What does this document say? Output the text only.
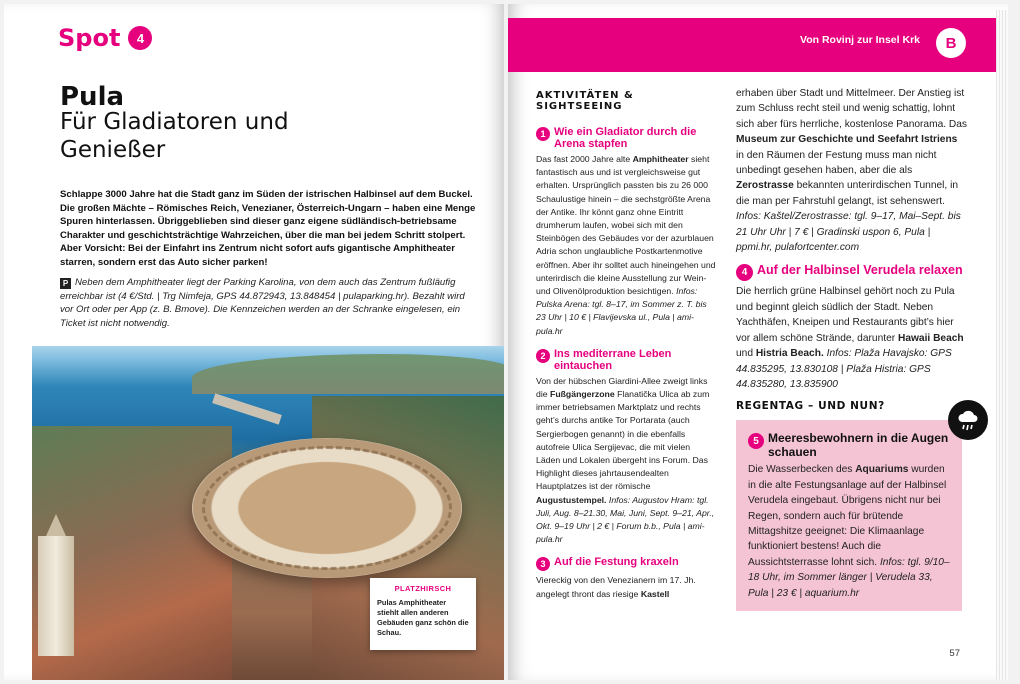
Spot	4
Pula
Für Gladiatoren und Genießer
Schlappe 3000 Jahre hat die Stadt ganz im Süden der istrischen Halbinsel auf dem Buckel. Die großen Mächte – Römisches Reich, Venezianer, Österreich-Ungarn – haben eine Menge Spuren hinterlassen. Übriggeblieben sind dieser ganz eigene südländisch-betriebsame Charakter und geschichtsträchtige Wahrzeichen, über die man bei jedem Schritt stolpert. Aber Vorsicht: Bei der Einfahrt ins Zentrum nicht sofort aufs gigantische Amphitheater starren, sondern erst das Auto sicher parken!
P Neben dem Amphitheater liegt der Parking Karolina, von dem auch das Zentrum fußläufig erreichbar ist (4 €/Std. | Trg Nimfeja, GPS 44.872943, 13.848454 | pulaparking.hr). Bezahlt wird vor Ort oder per App (z. B. Bmove). Die Kennzeichen werden an der Schranke eingelesen, ein Ticket ist nicht notwendig.
PLATZHIRSCH
Pulas Amphitheater stiehlt allen anderen Gebäuden ganz schön die Schau.
Von Rovinj zur Insel Krk	B
AKTIVITÄTEN & SIGHTSEEING
1 Wie ein Gladiator durch die Arena stapfen
Das fast 2000 Jahre alte Amphitheater sieht fantastisch aus und ist vergleichsweise gut erhalten. Ursprünglich passten bis zu 26 000 Schaulustige hinein – die sechstgrößte Arena der Antike. Ihr könnt ganz ohne Eintritt drumherum laufen, wobei sich mit den Steinbögen des Gebäudes vor der azurblauen Adria schon unglaubliche Postkartenmotive eröffnen. Aber ihr solltet auch hineingehen und unterirdisch die kleine Ausstellung zur Wein- und Olivenölproduktion besichtigen. Infos: Pulska Arena: tgl. 8–17, im Sommer z. T. bis 23 Uhr | 10 € | Flavijevska ul., Pula | ami-pula.hr
2 Ins mediterrane Leben eintauchen
Von der hübschen Giardini-Allee zweigt links die Fußgängerzone Flanatička Ulica ab zum immer betriebsamen Marktplatz und rechts geht’s durchs antike Tor Portarata (auch Sergierbogen genannt) in die ebenfalls autofreie Ulica Sergijevac, die mit vielen Läden und Lokalen übergeht ins Forum. Das Highlight dieses jahrtausendealten Hauptplatzes ist der römische Augustustempel. Infos: Augustov Hram: tgl. Juli, Aug. 8–21.30, Mai, Juni, Sept. 9–21, Apr., Okt. 9–19 Uhr | 2 € | Forum b.b., Pula | ami-pula.hr
3 Auf die Festung kraxeln
Viereckig von den Venezianern im 17. Jh. angelegt thront das riesige Kastell
erhaben über Stadt und Mittelmeer. Der Anstieg ist zum Schluss recht steil und wenig schattig, lohnt sich aber fürs herrliche, kostenlose Panorama. Das Museum zur Geschichte und Seefahrt Istriens in den Räumen der Festung muss man nicht unbedingt gesehen haben, aber die als Zerostrasse bekannten unterirdischen Tunnel, in die man per Fahrstuhl gelangt, ist sehenswert. Infos: Kaštel/Zerostrasse: tgl. 9–17, Mai–Sept. bis 21 Uhr Uhr | 7 € | Gradinski uspon 6, Pula | ppmi.hr, pulafortcenter.com
4 Auf der Halbinsel Verudela relaxen
Die herrlich grüne Halbinsel gehört noch zu Pula und beginnt gleich südlich der Stadt. Neben Yachthäfen, Kneipen und Restaurants gibt’s hier vor allem schöne Strände, darunter Hawaii Beach und Histria Beach. Infos: Plaža Havajsko: GPS 44.835295, 13.830108 | Plaža Histria: GPS 44.835280, 13.835900
REGENTAG – UND NUN?
5 Meeresbewohnern in die Augen schauen
Die Wasserbecken des Aquariums wurden in die alte Festungsanlage auf der Halbinsel Verudela eingebaut. Übrigens nicht nur bei Regen, sondern auch für brütende Mittagshitze geeignet: Die Klimaanlage funktioniert bestens! Auch die Aussichtsterrasse lohnt sich. Infos: tgl. 9/10–18 Uhr, im Sommer länger | Verudela 33, Pula | 23 € | aquarium.hr
57
